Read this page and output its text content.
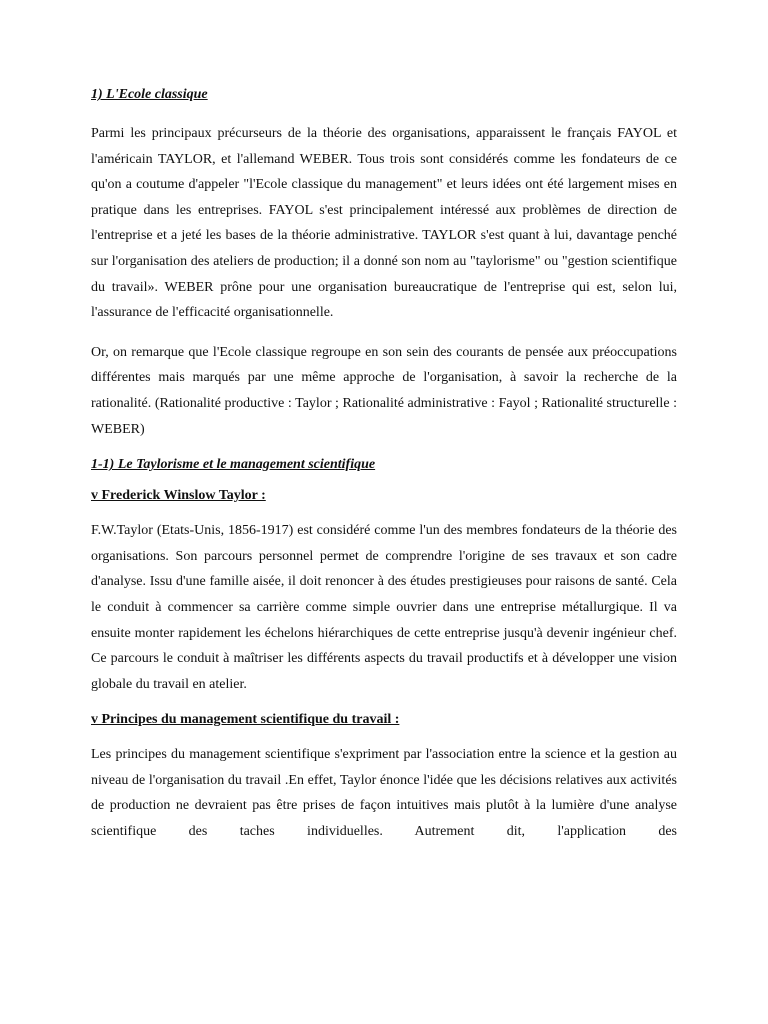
1) L'Ecole classique

Parmi les principaux précurseurs de la théorie des organisations, apparaissent le français FAYOL et l'américain TAYLOR, et l'allemand WEBER. Tous trois sont considérés comme les fondateurs de ce qu'on a coutume d'appeler "l'Ecole classique du management" et leurs idées ont été largement mises en pratique dans les entreprises. FAYOL s'est principalement intéressé aux problèmes de direction de l'entreprise et a jeté les bases de la théorie administrative. TAYLOR s'est quant à lui, davantage penché sur l'organisation des ateliers de production; il a donné son nom au "taylorisme" ou "gestion scientifique du travail». WEBER prône pour une organisation bureaucratique de l'entreprise qui est, selon lui, l'assurance de l'efficacité organisationnelle.

Or, on remarque que l'Ecole classique regroupe en son sein des courants de pensée aux préoccupations différentes mais marqués par une même approche de l'organisation, à savoir la recherche de la rationalité. (Rationalité productive : Taylor ; Rationalité administrative : Fayol ; Rationalité structurelle : WEBER)

1-1) Le Taylorisme et le management scientifique
v Frederick Winslow Taylor :

F.W.Taylor (Etats-Unis, 1856-1917) est considéré comme l'un des membres fondateurs de la théorie des organisations. Son parcours personnel permet de comprendre l'origine de ses travaux et son cadre d'analyse. Issu d'une famille aisée, il doit renoncer à des études prestigieuses pour raisons de santé. Cela le conduit à commencer sa carrière comme simple ouvrier dans une entreprise métallurgique. Il va ensuite monter rapidement les échelons hiérarchiques de cette entreprise jusqu'à devenir ingénieur chef. Ce parcours le conduit à maîtriser les différents aspects du travail productifs et à développer une vision globale du travail en atelier.

v Principes du management scientifique du travail :

Les principes du management scientifique s'expriment par l'association entre la science et la gestion au niveau de l'organisation du travail .En effet, Taylor énonce l'idée que les décisions relatives aux activités de production ne devraient pas être prises de façon intuitives mais plutôt à la lumière d'une analyse scientifique des taches individuelles. Autrement dit, l'application des
